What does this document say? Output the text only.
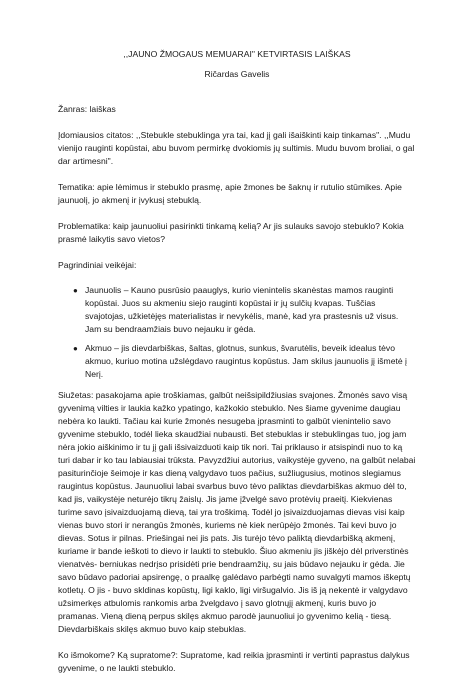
,,JAUNO ŽMOGAUS MEMUARAI" KETVIRTASIS LAIŠKAS

Ričardas Gavelis

Žanras: laiškas

Įdomiausios citatos: ,,Stebukle stebuklinga yra tai, kad jį gali išaiškinti kaip tinkamas". ,,Mudu vieniјo raugintі kopūstai, abu buvom permirkę dvokiomis jų sultimis. Mudu buvom broliai, o gal dar artimesni".

Tematika: apie lėmimus ir stebuklo prasmę, apie žmones be šaknų ir rutulio stūmikes. Apie jaunuolį, jo akmenį ir įvykusį stebuklą.

Problematika: kaip jaunuoliui pasirinkti tinkamą kelią? Ar jis sulauks savojo stebuklo? Kokia prasmė laikytis savo vietos?

Pagrindiniai veikėjai:

● Jaunuolis – Kauno pusrūsio paauglys, kurio vienintelis skanėstas mamos raugintі kopūstai. Juos su akmeniu siejo raugintі kopūstai ir jų sulčių kvapas. Tuščias svajotojas, užkietėjęs materialistas ir nevykėlis, manė, kad yra prastesnis už visus. Jam su bendraamžiais buvo nejauku ir gėda.
● Akmuo – jis dievdarbiškas, šaltas, glotnus, sunkus, švarutėlis, beveik idealus tėvo akmuo, kuriuo motina užslėgdavo raugintus kopūstus. Jam skilus jaunuolis jį išmetė į Nerį.

Siužetas: pasakojama apie troškiamas, galbūt neišsipildžiusias svajones. Žmonės savo visą gyvenimą vilties ir laukia kažko ypatingo, kažkokio stebuklo. Nes šiame gyvenime daugiau nebėra ko laukti. Tačiau kai kurie žmonės nesugeba įprasminti to galbūt vienintelio savo gyvenime stebuklo, todėl lieka skaudžiai nubausti. Bet stebuklas ir stebuklingas tuo, jog jam nėra jokio aiškinimo ir tu jį gali išsivaizduoti kaip tik nori. Tai priklauso ir atsispindi nuo to ką turi dabar ir ko tau labiausiai trūksta. Pavyzdžiui autorius, vaikystėje gyveno, na galbūt nelabai pasiturinčioje šeimoje ir kas dieną valgydavo tuos pačius, sužliugusius, motinos slegiamus raugintus kopūstus. Jaunuoliui labai svarbus buvo tėvo paliktas dievdarbiškas akmuo dėl to, kad jis, vaikystėje neturėjo tikrų žaislų. Jis jame įžvelgė savo protėvių praeitį. Kiekvienas turime savo įsivaizduojamą dievą, tai yra troškimą. Todėl jo įsivaizduojamas dievas visi kaip vienas buvo stori ir nerangūs žmonės, kuriems nė kiek nerūpėjo žmonės. Tai kevi buvo jo dievas. Sotus ir pilnas. Priešingai nei jis pats. Jis turėjo tėvo paliktą dievdarbišką akmenį, kuriame ir bande ieškoti to dievo ir laukti to stebuklo. Šiuo akmeniu jis jiškėjo dėl priverstinės vienatvės- berniukas nedrįso prisidėti prie bendraamžių, su jais būdavo nejauku ir gėda. Jie savo būdavo padoriai apsirengę, o praalkę galėdavo parbėgti namo suvalgyti mamos iškeptų kotletų. O jis - buvo skldinas kopūstų, ligi kaklo, ligi viršugalvio. Jis iš ją nekentė ir valgydavo užsimerkęs atbulomis rankomis arba žvelgdavo į savo glotnųjį akmenį, kuris buvo jo pramanas. Vieną dieną perpus skilęs akmuo parodė jaunuoliui jo gyvenimo kelią - tiesą. Dievdarbiškais skilęs akmuo buvo kaip stebuklas.

Ko išmokome? Ką supratome?: Supratome, kad reikia įprasminti ir vertinti paprastus dalykus gyvenime, o ne laukti stebuklo.
